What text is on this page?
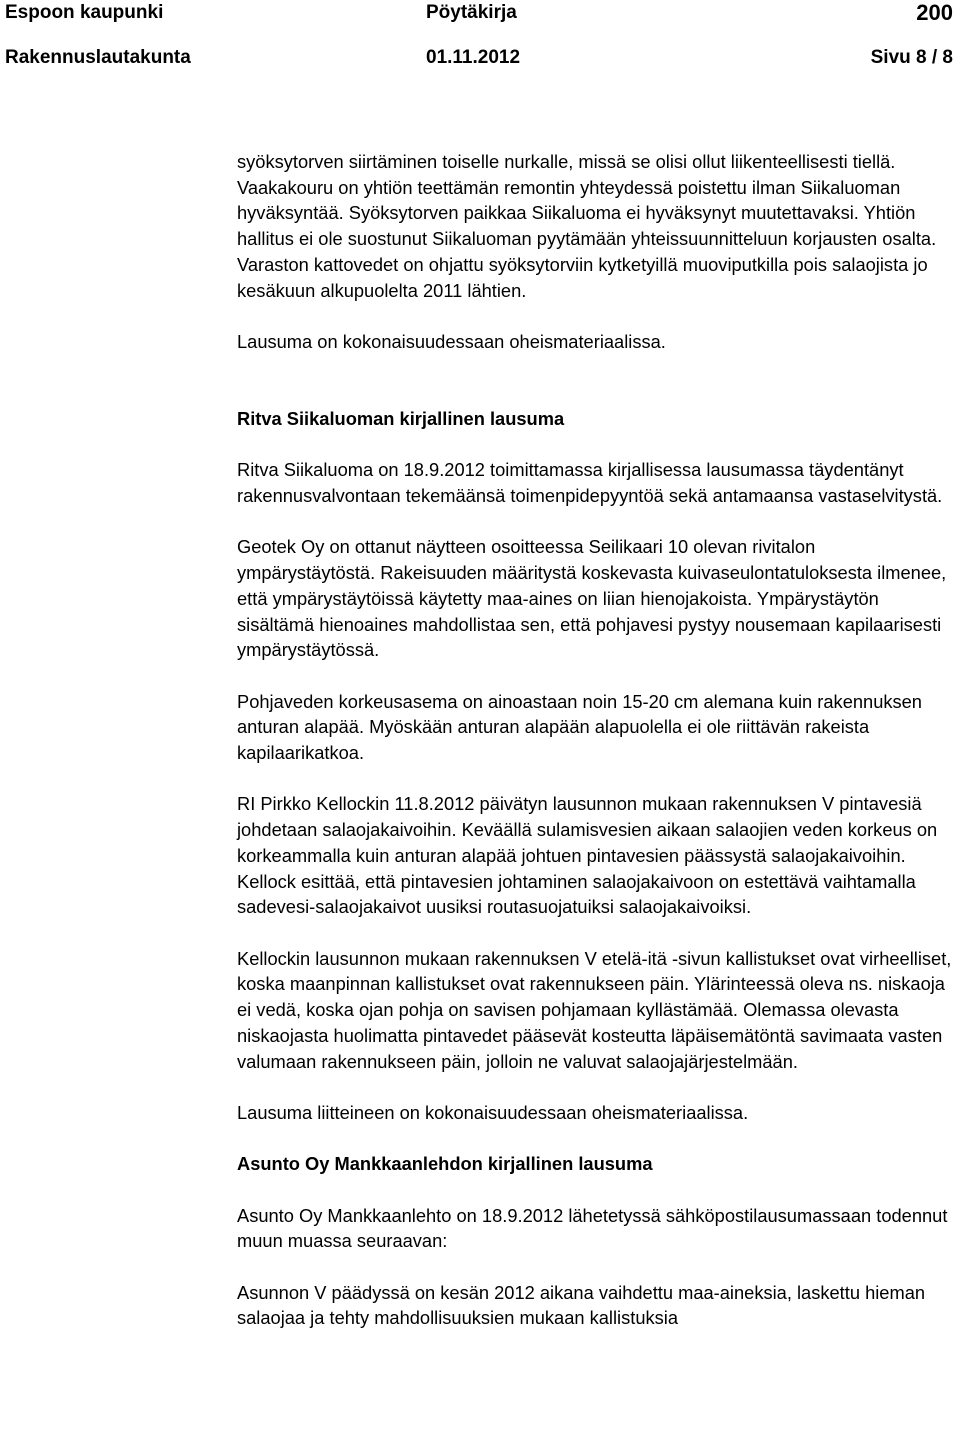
Espoon kaupunki	Pöytäkirja	200
Rakennuslautakunta	01.11.2012	Sivu 8 / 8

syöksytorven siirtäminen toiselle nurkalle, missä se olisi ollut liikenteellisesti tiellä. Vaakakouru on yhtiön teettämän remontin yhteydessä poistettu ilman Siikaluoman hyväksyntää. Syöksytorven paikkaa Siikaluoma ei hyväksynyt muutettavaksi. Yhtiön hallitus ei ole suostunut Siikaluoman pyytämään yhteissuunnitteluun korjausten osalta. Varaston kattovedet on ohjattu syöksytorviin kytketyillä muoviputkilla pois salaojista jo kesäkuun alkupuolelta 2011 lähtien.

Lausuma on kokonaisuudessaan oheismateriaalissa.

Ritva Siikaluoman kirjallinen lausuma

Ritva Siikaluoma on 18.9.2012 toimittamassa kirjallisessa lausumassa täydentänyt rakennusvalvontaan tekemäänsä toimenpidepyyntöä sekä antamaansa vastaselvitystä.

Geotek Oy on ottanut näytteen osoitteessa Seilikaari 10 olevan rivitalon ympärystäytöstä. Rakeisuuden määritystä koskevasta kuivaseulontatuloksesta ilmenee, että ympärystäytöissä käytetty maa-aines on liian hienojakoista. Ympärystäytön sisältämä hienoaines mahdollistaa sen, että pohjavesi pystyy nousemaan kapilaarisesti ympärystäytössä.

Pohjaveden korkeusasema on ainoastaan noin 15-20 cm alemana kuin rakennuksen anturan alapää. Myöskään anturan alapään alapuolella ei ole riittävän rakeista kapilaarikatkoa.

RI Pirkko Kellockin 11.8.2012 päivätyn lausunnon mukaan rakennuksen V pintavesiä johdetaan salaojakaivoihin. Keväällä sulamisvesien aikaan salaojien veden korkeus on korkeammalla kuin anturan alapää johtuen pintavesien päässystä salaojakaivoihin. Kellock esittää, että pintavesien johtaminen salaojakaivoon on estettävä vaihtamalla sadevesi-salaojakaivot uusiksi routasuojatuiksi salaojakaivoiksi.

Kellockin lausunnon mukaan rakennuksen V etelä-itä -sivun kallistukset ovat virheelliset, koska maanpinnan kallistukset ovat rakennukseen päin. Ylärinteessä oleva ns. niskaoja ei vedä, koska ojan pohja on savisen pohjamaan kyllästämää. Olemassa olevasta niskaojasta huolimatta pintavedet pääsevät kosteutta läpäisemätöntä savimaata vasten valumaan rakennukseen päin, jolloin ne valuvat salaojajärjestelmään.

Lausuma liitteineen on kokonaisuudessaan oheismateriaalissa.

Asunto Oy Mankkaanlehdon kirjallinen lausuma

Asunto Oy Mankkaanlehto on 18.9.2012 lähetetyssä sähköpostilausumassaan todennut muun muassa seuraavan:

Asunnon V päädyssä on kesän 2012 aikana vaihdettu maa-aineksia, laskettu hieman salaojaa ja tehty mahdollisuuksien mukaan kallistuksia
